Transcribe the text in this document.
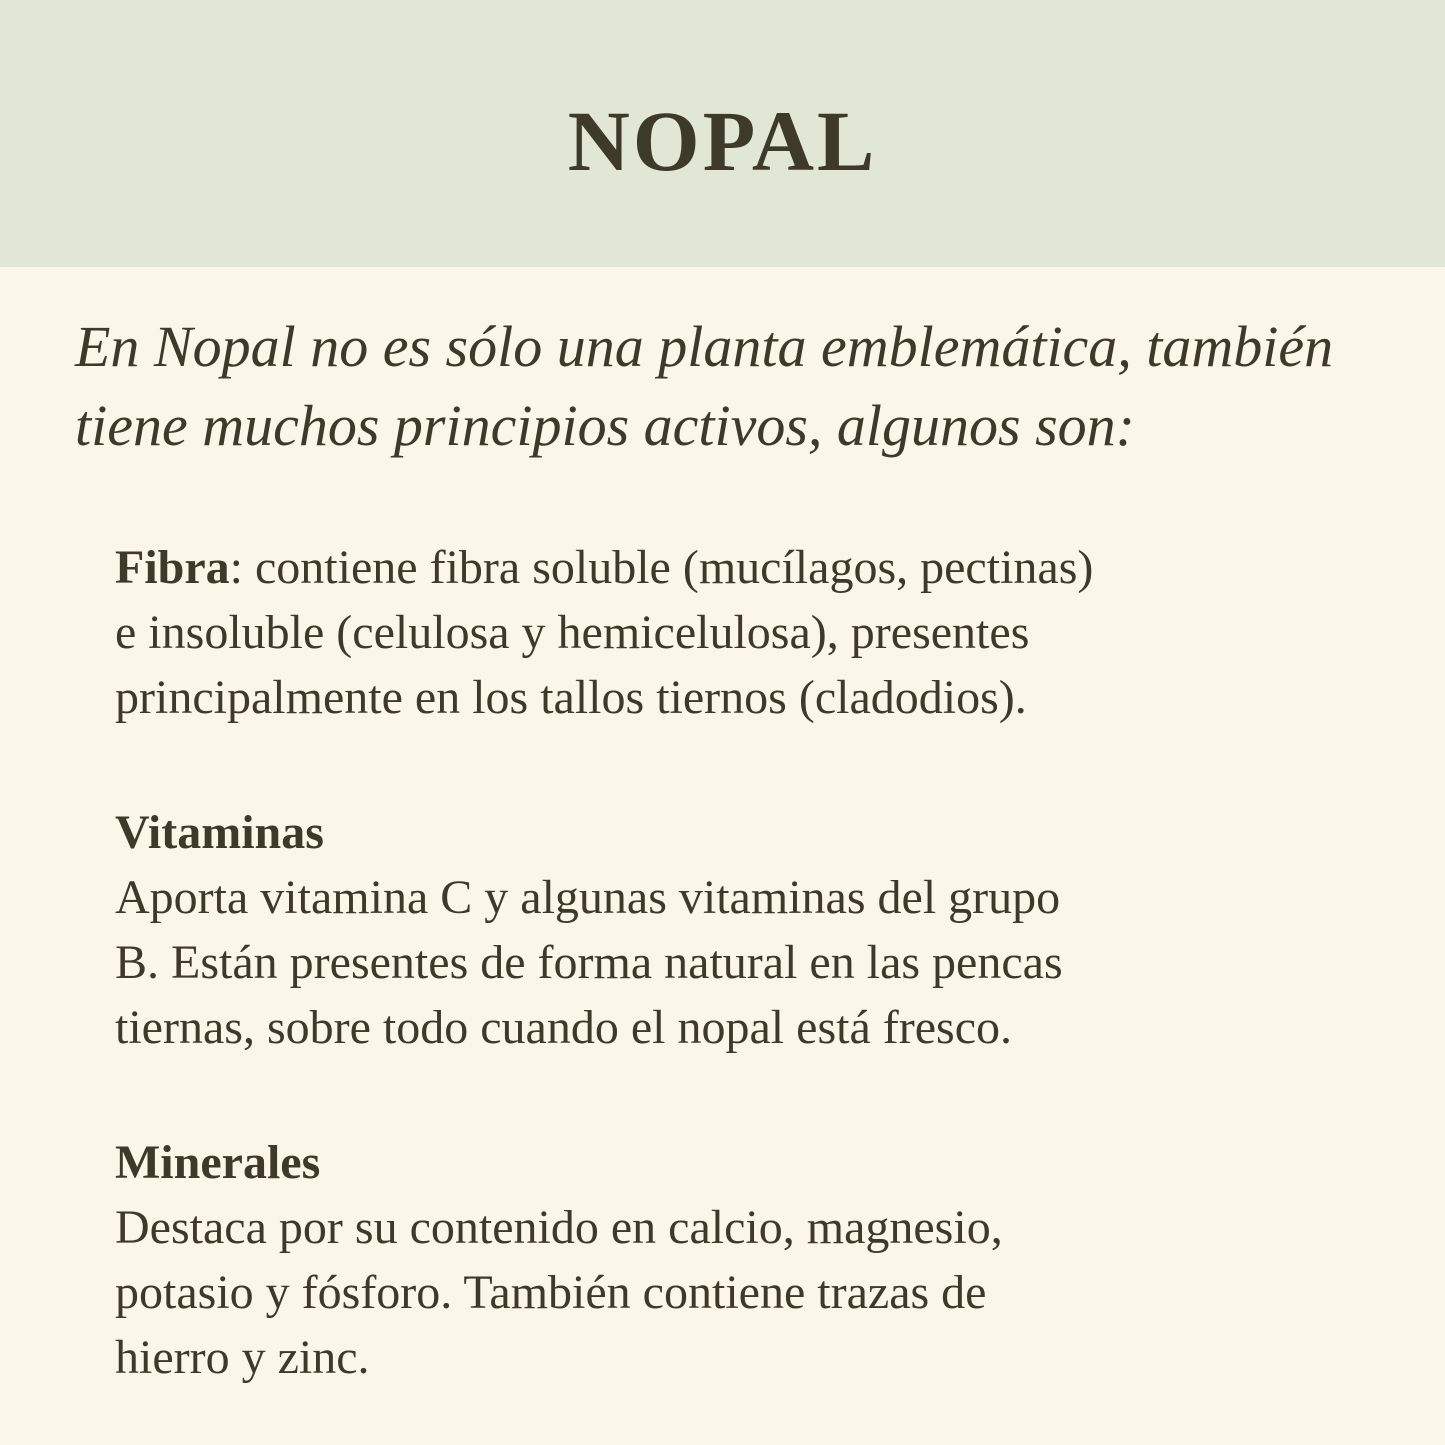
NOPAL
En Nopal no es sólo una planta emblemática, también
tiene muchos principios activos, algunos son:
Fibra: contiene fibra soluble (mucílagos, pectinas)
e insoluble (celulosa y hemicelulosa), presentes
principalmente en los tallos tiernos (cladodios).
Vitaminas
Aporta vitamina C y algunas vitaminas del grupo
B. Están presentes de forma natural en las pencas
tiernas, sobre todo cuando el nopal está fresco.
Minerales
Destaca por su contenido en calcio, magnesio,
potasio y fósforo. También contiene trazas de
hierro y zinc.
